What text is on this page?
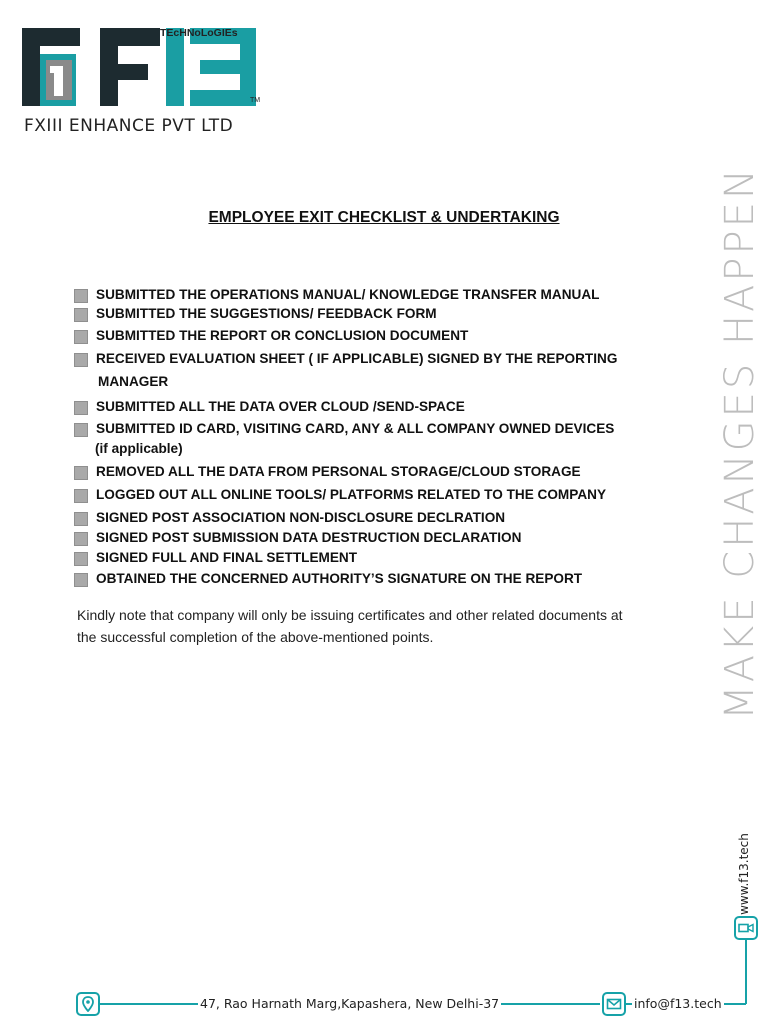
TEcHNoLoGIEs
TM
FXIII ENHANCE PVT LTD
MAKE CHANGES HAPPEN
EMPLOYEE EXIT CHECKLIST & UNDERTAKING
SUBMITTED THE OPERATIONS MANUAL/ KNOWLEDGE TRANSFER MANUAL
SUBMITTED THE SUGGESTIONS/ FEEDBACK FORM
SUBMITTED THE REPORT OR CONCLUSION DOCUMENT
RECEIVED EVALUATION SHEET ( IF APPLICABLE) SIGNED BY THE REPORTING
MANAGER
SUBMITTED ALL THE DATA OVER CLOUD /SEND-SPACE
SUBMITTED ID CARD, VISITING CARD, ANY & ALL COMPANY OWNED DEVICES
(if applicable)
REMOVED ALL THE DATA FROM PERSONAL STORAGE/CLOUD STORAGE
LOGGED OUT ALL ONLINE TOOLS/ PLATFORMS RELATED TO THE COMPANY
SIGNED POST ASSOCIATION NON-DISCLOSURE DECLRATION
SIGNED POST SUBMISSION DATA DESTRUCTION DECLARATION
SIGNED FULL AND FINAL SETTLEMENT
OBTAINED THE CONCERNED AUTHORITY’S SIGNATURE ON THE REPORT
Kindly note that company will only be issuing certificates and other related documents at
the successful completion of the above-mentioned points.
47, Rao Harnath Marg,Kapashera, New Delhi-37	info@f13.tech
www.f13.tech
